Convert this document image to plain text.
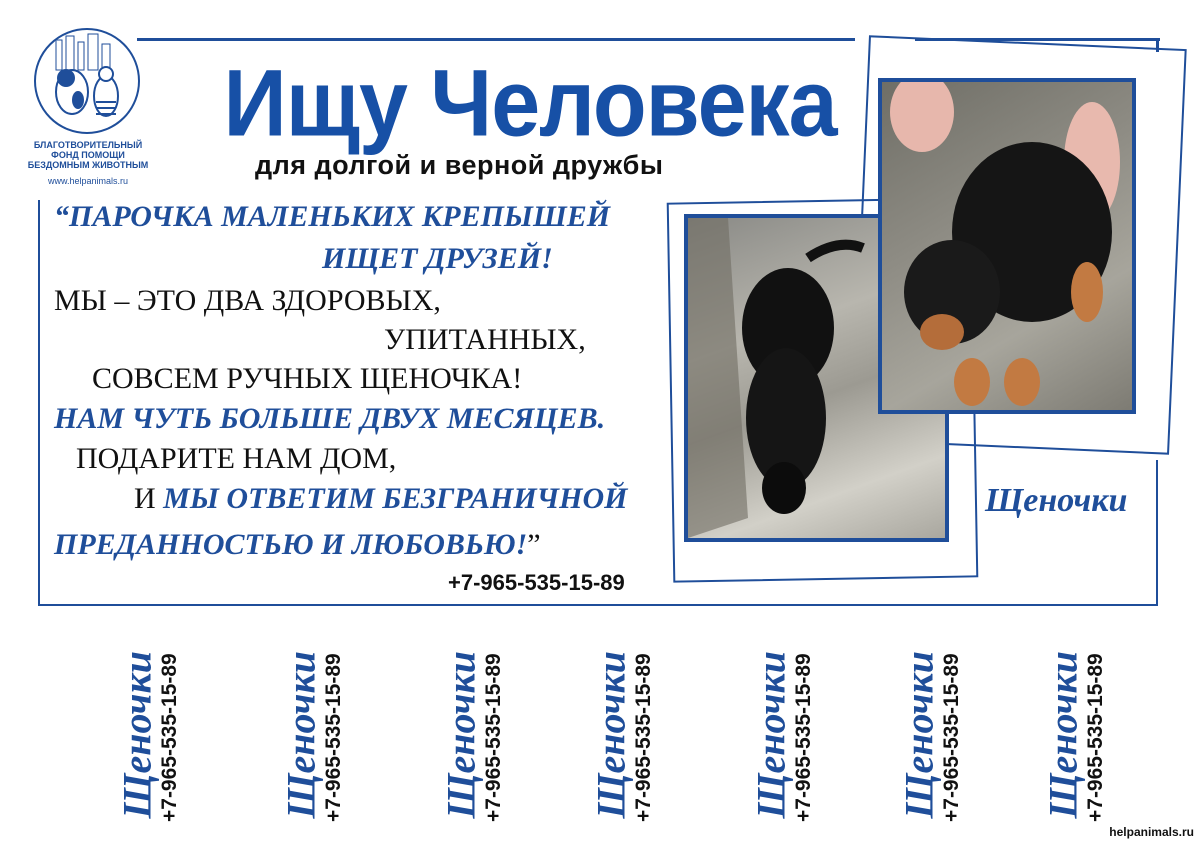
БЛАГОТВОРИТЕЛЬНЫЙ
ФОНД ПОМОЩИ
БЕЗДОМНЫМ ЖИВОТНЫМ
www.helpanimals.ru
Ищу Человека
для долгой и верной дружбы
“ПАРОЧКА МАЛЕНЬКИХ КРЕПЫШЕЙ
ИЩЕТ ДРУЗЕЙ!
МЫ – ЭТО ДВА ЗДОРОВЫХ,
УПИТАННЫХ,
СОВСЕМ РУЧНЫХ ЩЕНОЧКА!
НАМ ЧУТЬ БОЛЬШЕ ДВУХ МЕСЯЦЕВ.
ПОДАРИТЕ НАМ ДОМ,
И МЫ ОТВЕТИМ БЕЗГРАНИЧНОЙ
ПРЕДАННОСТЬЮ И ЛЮБОВЬЮ!”
+7-965-535-15-89
Щеночки
Щеночки
+7-965-535-15-89 Щеночки
+7-965-535-15-89 Щеночки
+7-965-535-15-89 Щеночки
+7-965-535-15-89 Щеночки
+7-965-535-15-89 Щеночки
+7-965-535-15-89 Щеночки
+7-965-535-15-89
helpanimals.ru
